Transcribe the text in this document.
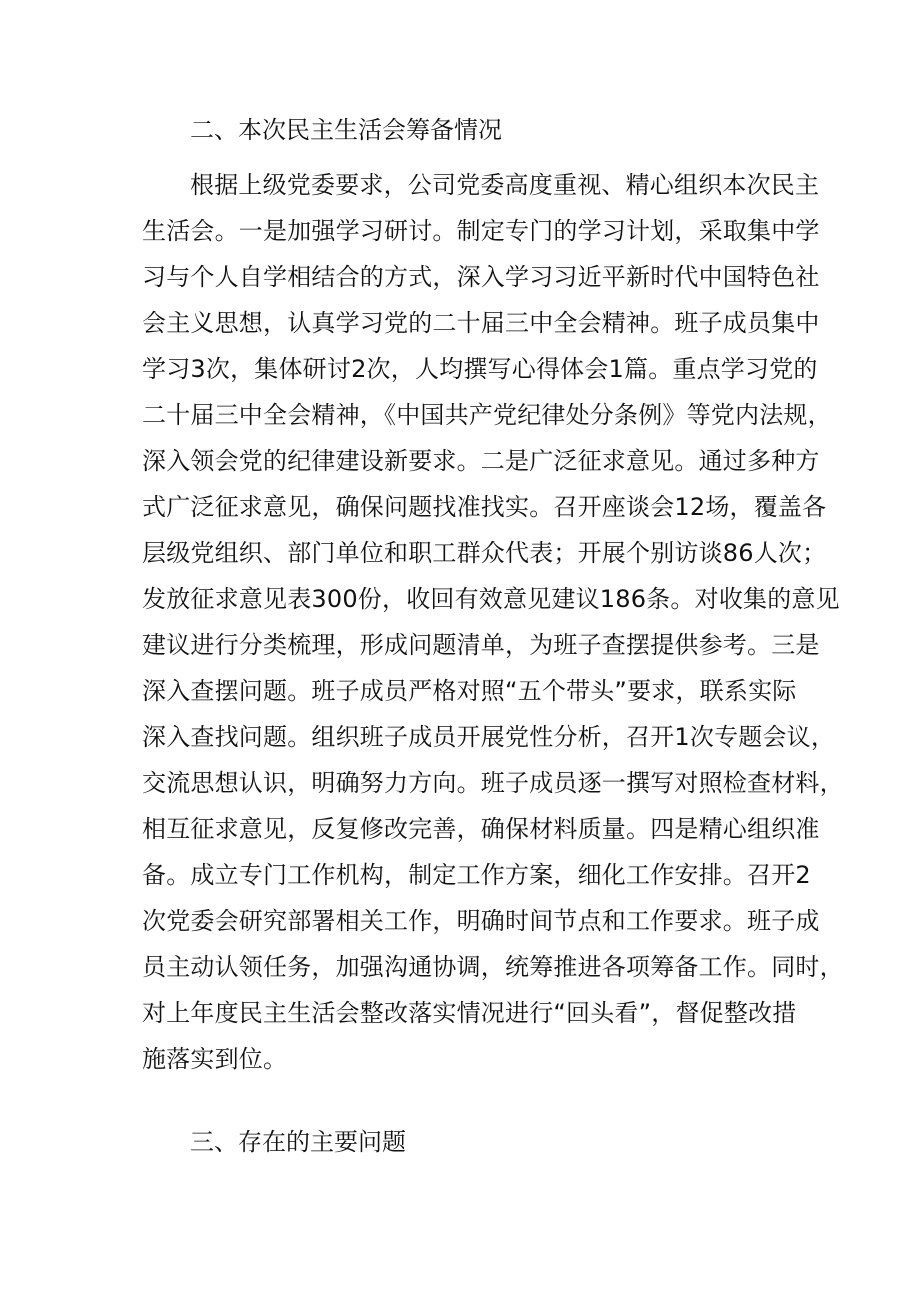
二、本次民主生活会筹备情况
根据上级党委要求，公司党委高度重视、精心组织本次民主
生活会。一是加强学习研讨。制定专门的学习计划，采取集中学
习与个人自学相结合的方式，深入学习习近平新时代中国特色社
会主义思想，认真学习党的二十届三中全会精神。班子成员集中
学习3次，集体研讨2次，人均撰写心得体会1篇。重点学习党的
二十届三中全会精神，《中国共产党纪律处分条例》等党内法规，
深入领会党的纪律建设新要求。二是广泛征求意见。通过多种方
式广泛征求意见，确保问题找准找实。召开座谈会12场，覆盖各
层级党组织、部门单位和职工群众代表；开展个别访谈86人次；
发放征求意见表300份，收回有效意见建议186条。对收集的意见
建议进行分类梳理，形成问题清单，为班子查摆提供参考。三是
深入查摆问题。班子成员严格对照“五个带头”要求，联系实际
深入查找问题。组织班子成员开展党性分析，召开1次专题会议，
交流思想认识，明确努力方向。班子成员逐一撰写对照检查材料，
相互征求意见，反复修改完善，确保材料质量。四是精心组织准
备。成立专门工作机构，制定工作方案，细化工作安排。召开2
次党委会研究部署相关工作，明确时间节点和工作要求。班子成
员主动认领任务，加强沟通协调，统筹推进各项筹备工作。同时，
对上年度民主生活会整改落实情况进行“回头看”，督促整改措
施落实到位。
三、存在的主要问题
